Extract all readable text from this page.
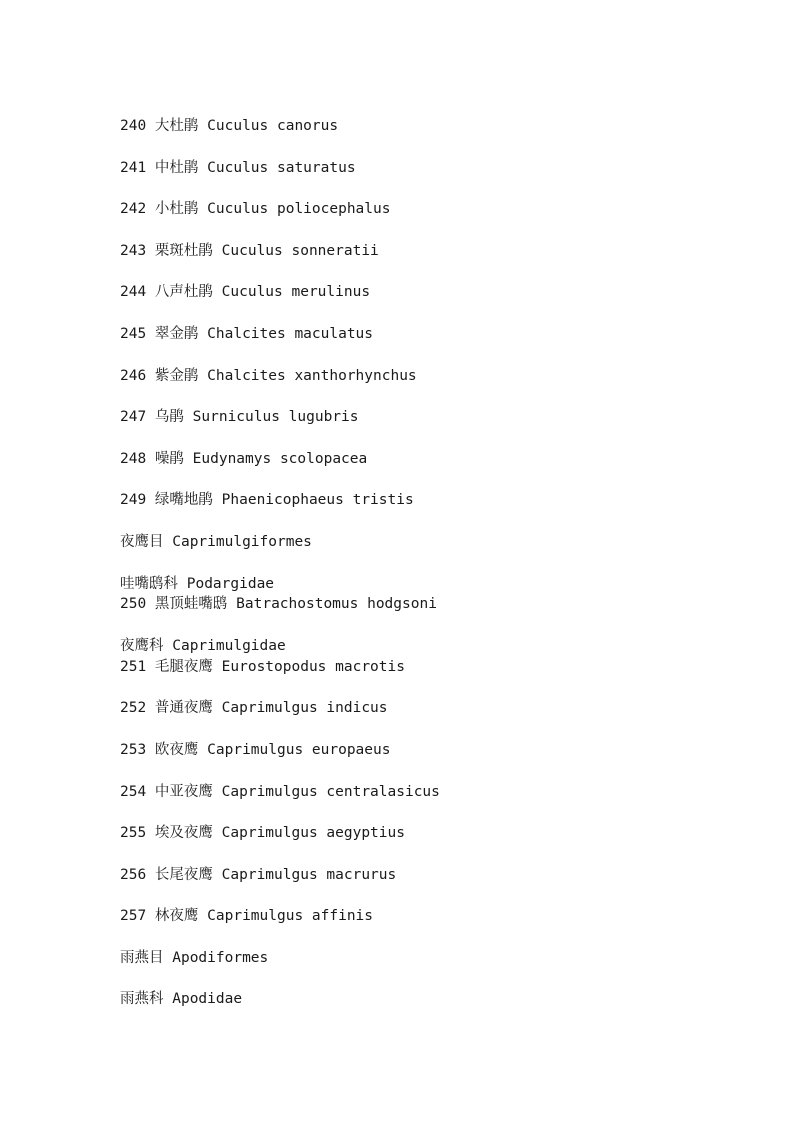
240 大杜鹃 Cuculus canorus

241 中杜鹃 Cuculus saturatus

242 小杜鹃 Cuculus poliocephalus

243 栗斑杜鹃 Cuculus sonneratii

244 八声杜鹃 Cuculus merulinus

245 翠金鹃 Chalcites maculatus

246 紫金鹃 Chalcites xanthorhynchus

247 乌鹃 Surniculus lugubris

248 噪鹃 Eudynamys scolopacea

249 绿嘴地鹃 Phaenicophaeus tristis

夜鹰目 Caprimulgiformes

哇嘴鸱科 Podargidae

250 黑顶蛙嘴鸱 Batrachostomus hodgsoni

夜鹰科 Caprimulgidae

251 毛腿夜鹰 Eurostopodus macrotis

252 普通夜鹰 Caprimulgus indicus

253 欧夜鹰 Caprimulgus europaeus

254 中亚夜鹰 Caprimulgus centralasicus

255 埃及夜鹰 Caprimulgus aegyptius

256 长尾夜鹰 Caprimulgus macrurus

257 林夜鹰 Caprimulgus affinis

雨燕目 Apodiformes

雨燕科 Apodidae
